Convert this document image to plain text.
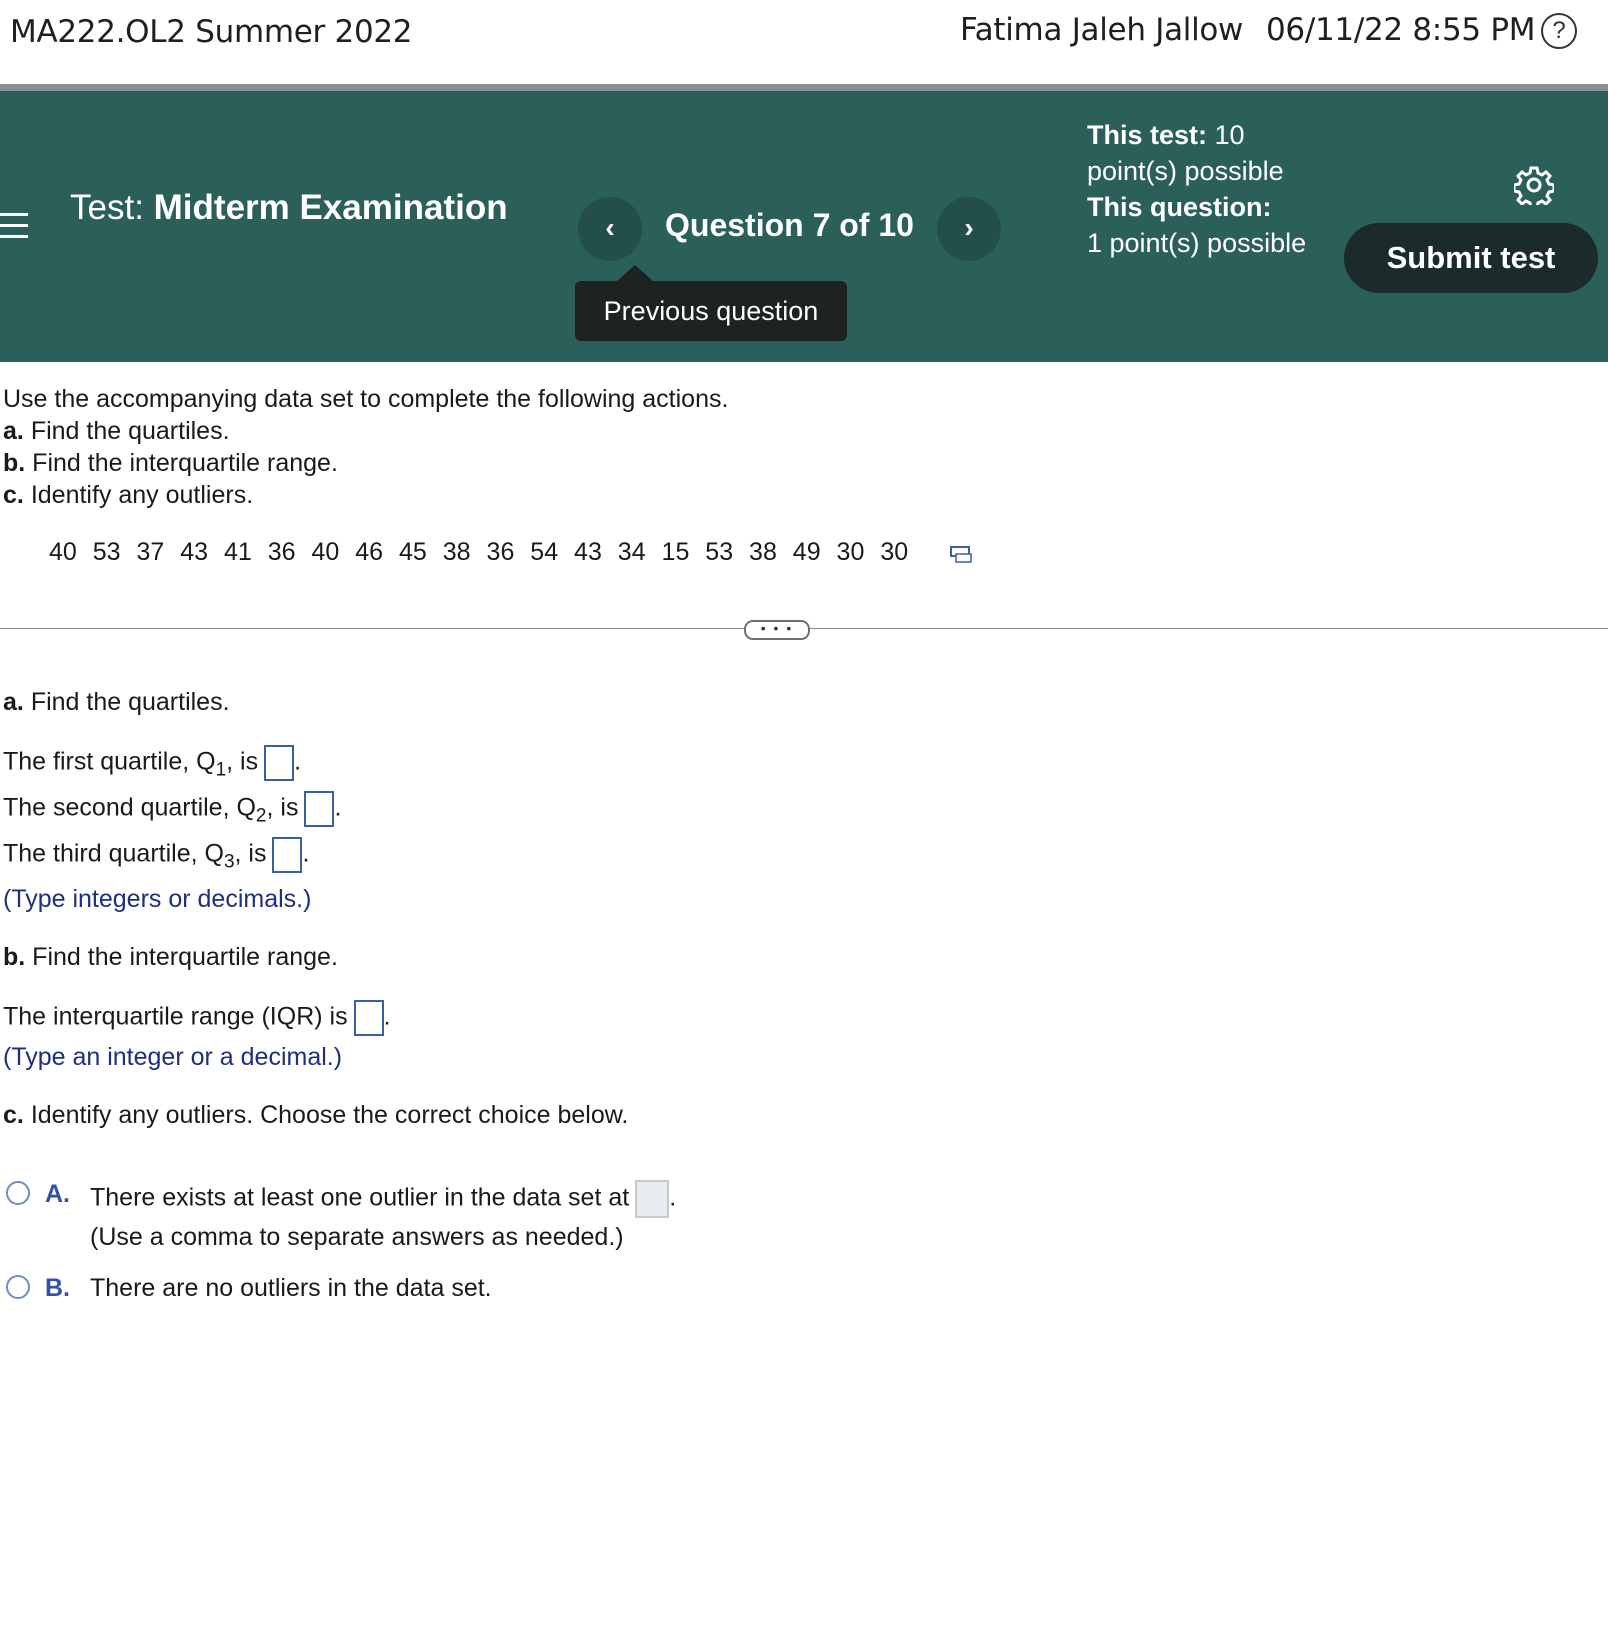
MA222.OL2 Summer 2022	Fatima Jaleh Jallow 06/11/22 8:55 PM ?
Test: Midterm Examination
‹	Question 7 of 10	›
Previous question
This test: 10 point(s) possible
This question:
1 point(s) possible	Submit test
Use the accompanying data set to complete the following actions.
a. Find the quartiles.
b. Find the interquartile range.
c. Identify any outliers.
40 53 37 43 41 36 40 46 45 38 36 54 43 34 15 53 38 49 30 30
• • •
a. Find the quartiles.
The first quartile, $Q_1$, is .
The second quartile, $Q_2$, is .
The third quartile, $Q_3$, is .
(Type integers or decimals.)
b. Find the interquartile range.
The interquartile range (IQR) is .
(Type an integer or a decimal.)
c. Identify any outliers. Choose the correct choice below.
A. There exists at least one outlier in the data set at .
(Use a comma to separate answers as needed.)
B. There are no outliers in the data set.
